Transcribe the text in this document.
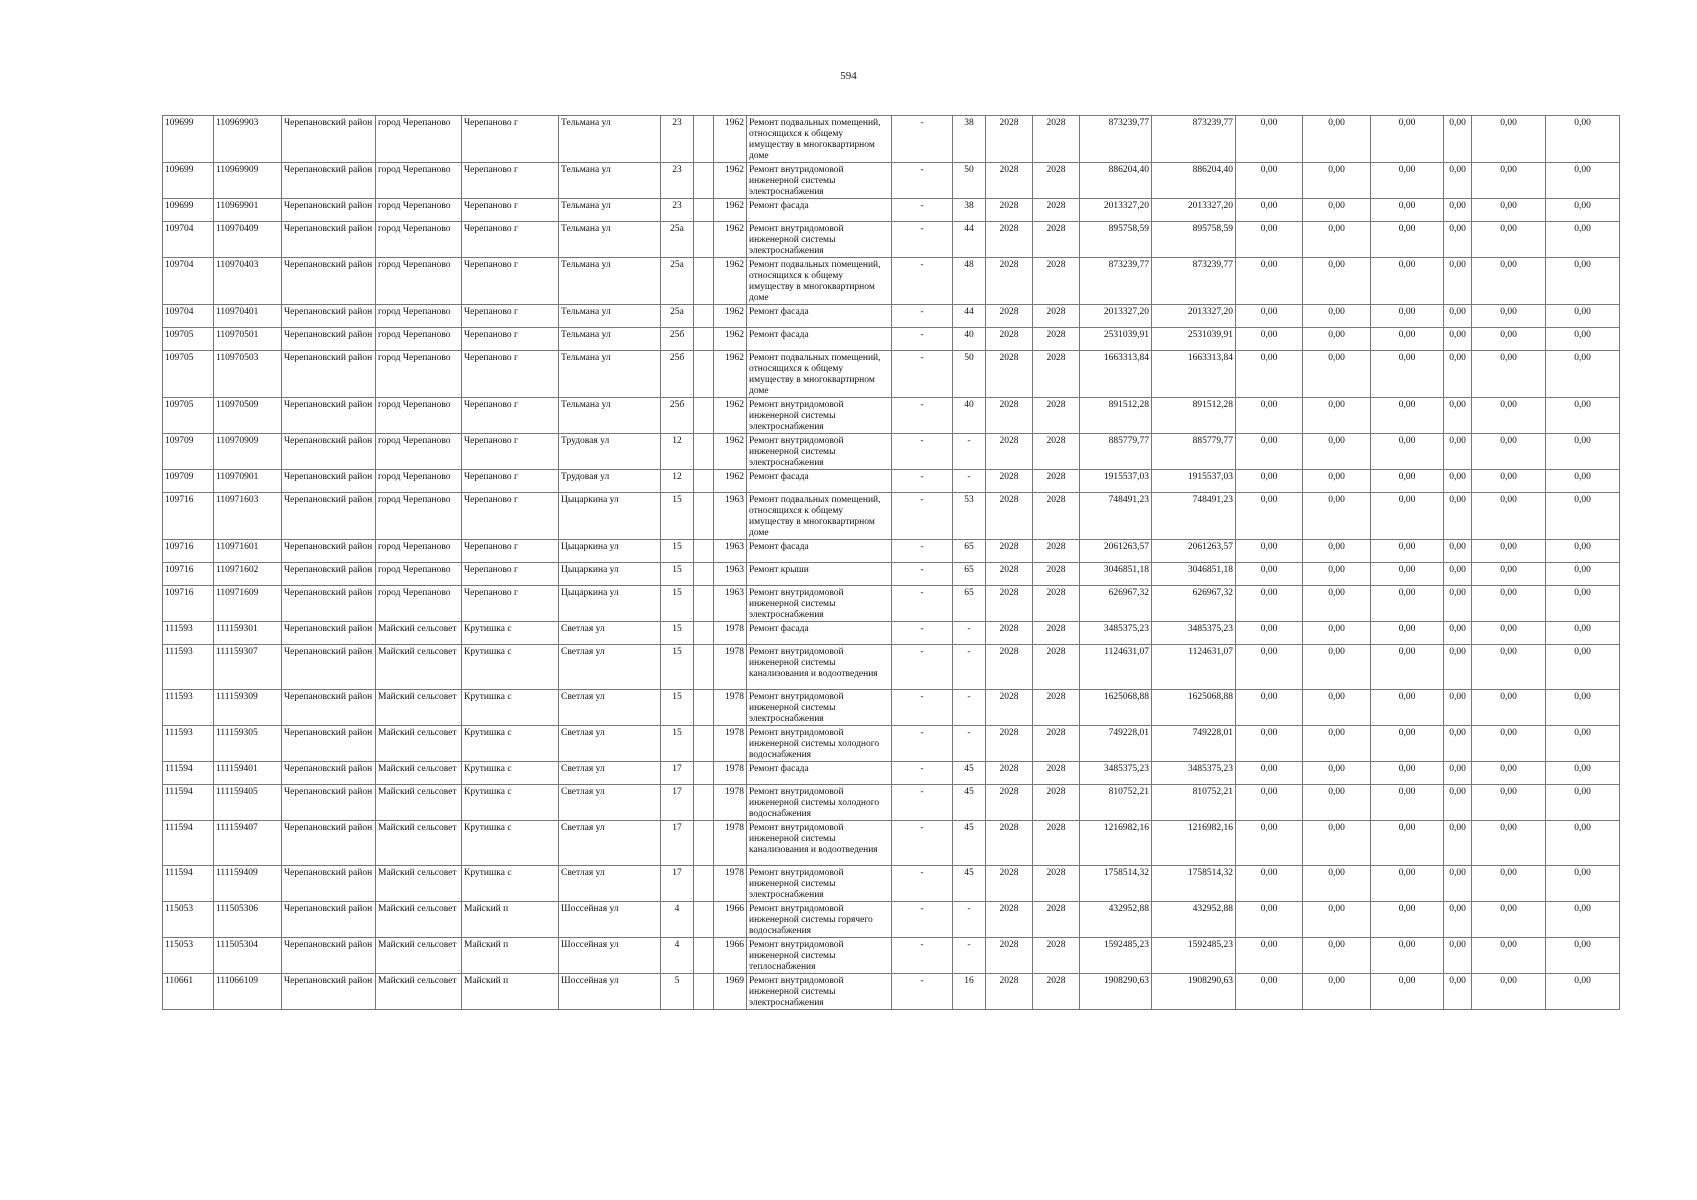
594
109699	110969903	Черепановский район	город Черепаново	Черепаново г	Тельмана ул	23		1962	Ремонт подвальных помещений, относящихся к общему имуществу в многоквартирном доме	-	38	2028	2028	873239,77	873239,77	0,00	0,00	0,00	0,00	0,00	0,00
109699	110969909	Черепановский район	город Черепаново	Черепаново г	Тельмана ул	23		1962	Ремонт внутридомовой инженерной системы электроснабжения	-	50	2028	2028	886204,40	886204,40	0,00	0,00	0,00	0,00	0,00	0,00
109699	110969901	Черепановский район	город Черепаново	Черепаново г	Тельмана ул	23		1962	Ремонт фасада	-	38	2028	2028	2013327,20	2013327,20	0,00	0,00	0,00	0,00	0,00	0,00
109704	110970409	Черепановский район	город Черепаново	Черепаново г	Тельмана ул	25а		1962	Ремонт внутридомовой инженерной системы электроснабжения	-	44	2028	2028	895758,59	895758,59	0,00	0,00	0,00	0,00	0,00	0,00
109704	110970403	Черепановский район	город Черепаново	Черепаново г	Тельмана ул	25а		1962	Ремонт подвальных помещений, относящихся к общему имуществу в многоквартирном доме	-	48	2028	2028	873239,77	873239,77	0,00	0,00	0,00	0,00	0,00	0,00
109704	110970401	Черепановский район	город Черепаново	Черепаново г	Тельмана ул	25а		1962	Ремонт фасада	-	44	2028	2028	2013327,20	2013327,20	0,00	0,00	0,00	0,00	0,00	0,00
109705	110970501	Черепановский район	город Черепаново	Черепаново г	Тельмана ул	25б		1962	Ремонт фасада	-	40	2028	2028	2531039,91	2531039,91	0,00	0,00	0,00	0,00	0,00	0,00
109705	110970503	Черепановский район	город Черепаново	Черепаново г	Тельмана ул	25б		1962	Ремонт подвальных помещений, относящихся к общему имуществу в многоквартирном доме	-	50	2028	2028	1663313,84	1663313,84	0,00	0,00	0,00	0,00	0,00	0,00
109705	110970509	Черепановский район	город Черепаново	Черепаново г	Тельмана ул	25б		1962	Ремонт внутридомовой инженерной системы электроснабжения	-	40	2028	2028	891512,28	891512,28	0,00	0,00	0,00	0,00	0,00	0,00
109709	110970909	Черепановский район	город Черепаново	Черепаново г	Трудовая ул	12		1962	Ремонт внутридомовой инженерной системы электроснабжения	-	-	2028	2028	885779,77	885779,77	0,00	0,00	0,00	0,00	0,00	0,00
109709	110970901	Черепановский район	город Черепаново	Черепаново г	Трудовая ул	12		1962	Ремонт фасада	-	-	2028	2028	1915537,03	1915537,03	0,00	0,00	0,00	0,00	0,00	0,00
109716	110971603	Черепановский район	город Черепаново	Черепаново г	Цыцаркина ул	15		1963	Ремонт подвальных помещений, относящихся к общему имуществу в многоквартирном доме	-	53	2028	2028	748491,23	748491,23	0,00	0,00	0,00	0,00	0,00	0,00
109716	110971601	Черепановский район	город Черепаново	Черепаново г	Цыцаркина ул	15		1963	Ремонт фасада	-	65	2028	2028	2061263,57	2061263,57	0,00	0,00	0,00	0,00	0,00	0,00
109716	110971602	Черепановский район	город Черепаново	Черепаново г	Цыцаркина ул	15		1963	Ремонт крыши	-	65	2028	2028	3046851,18	3046851,18	0,00	0,00	0,00	0,00	0,00	0,00
109716	110971609	Черепановский район	город Черепаново	Черепаново г	Цыцаркина ул	15		1963	Ремонт внутридомовой инженерной системы электроснабжения	-	65	2028	2028	626967,32	626967,32	0,00	0,00	0,00	0,00	0,00	0,00
111593	111159301	Черепановский район	Майский сельсовет	Крутишка с	Светлая ул	15		1978	Ремонт фасада	-	-	2028	2028	3485375,23	3485375,23	0,00	0,00	0,00	0,00	0,00	0,00
111593	111159307	Черепановский район	Майский сельсовет	Крутишка с	Светлая ул	15		1978	Ремонт внутридомовой инженерной системы канализования и водоотведения	-	-	2028	2028	1124631,07	1124631,07	0,00	0,00	0,00	0,00	0,00	0,00
111593	111159309	Черепановский район	Майский сельсовет	Крутишка с	Светлая ул	15		1978	Ремонт внутридомовой инженерной системы электроснабжения	-	-	2028	2028	1625068,88	1625068,88	0,00	0,00	0,00	0,00	0,00	0,00
111593	111159305	Черепановский район	Майский сельсовет	Крутишка с	Светлая ул	15		1978	Ремонт внутридомовой инженерной системы холодного водоснабжения	-	-	2028	2028	749228,01	749228,01	0,00	0,00	0,00	0,00	0,00	0,00
111594	111159401	Черепановский район	Майский сельсовет	Крутишка с	Светлая ул	17		1978	Ремонт фасада	-	45	2028	2028	3485375,23	3485375,23	0,00	0,00	0,00	0,00	0,00	0,00
111594	111159405	Черепановский район	Майский сельсовет	Крутишка с	Светлая ул	17		1978	Ремонт внутридомовой инженерной системы холодного водоснабжения	-	45	2028	2028	810752,21	810752,21	0,00	0,00	0,00	0,00	0,00	0,00
111594	111159407	Черепановский район	Майский сельсовет	Крутишка с	Светлая ул	17		1978	Ремонт внутридомовой инженерной системы канализования и водоотведения	-	45	2028	2028	1216982,16	1216982,16	0,00	0,00	0,00	0,00	0,00	0,00
111594	111159409	Черепановский район	Майский сельсовет	Крутишка с	Светлая ул	17		1978	Ремонт внутридомовой инженерной системы электроснабжения	-	45	2028	2028	1758514,32	1758514,32	0,00	0,00	0,00	0,00	0,00	0,00
115053	111505306	Черепановский район	Майский сельсовет	Майский п	Шоссейная ул	4		1966	Ремонт внутридомовой инженерной системы горячего водоснабжения	-	-	2028	2028	432952,88	432952,88	0,00	0,00	0,00	0,00	0,00	0,00
115053	111505304	Черепановский район	Майский сельсовет	Майский п	Шоссейная ул	4		1966	Ремонт внутридомовой инженерной системы теплоснабжения	-	-	2028	2028	1592485,23	1592485,23	0,00	0,00	0,00	0,00	0,00	0,00
110661	111066109	Черепановский район	Майский сельсовет	Майский п	Шоссейная ул	5		1969	Ремонт внутридомовой инженерной системы электроснабжения	-	16	2028	2028	1908290,63	1908290,63	0,00	0,00	0,00	0,00	0,00	0,00
